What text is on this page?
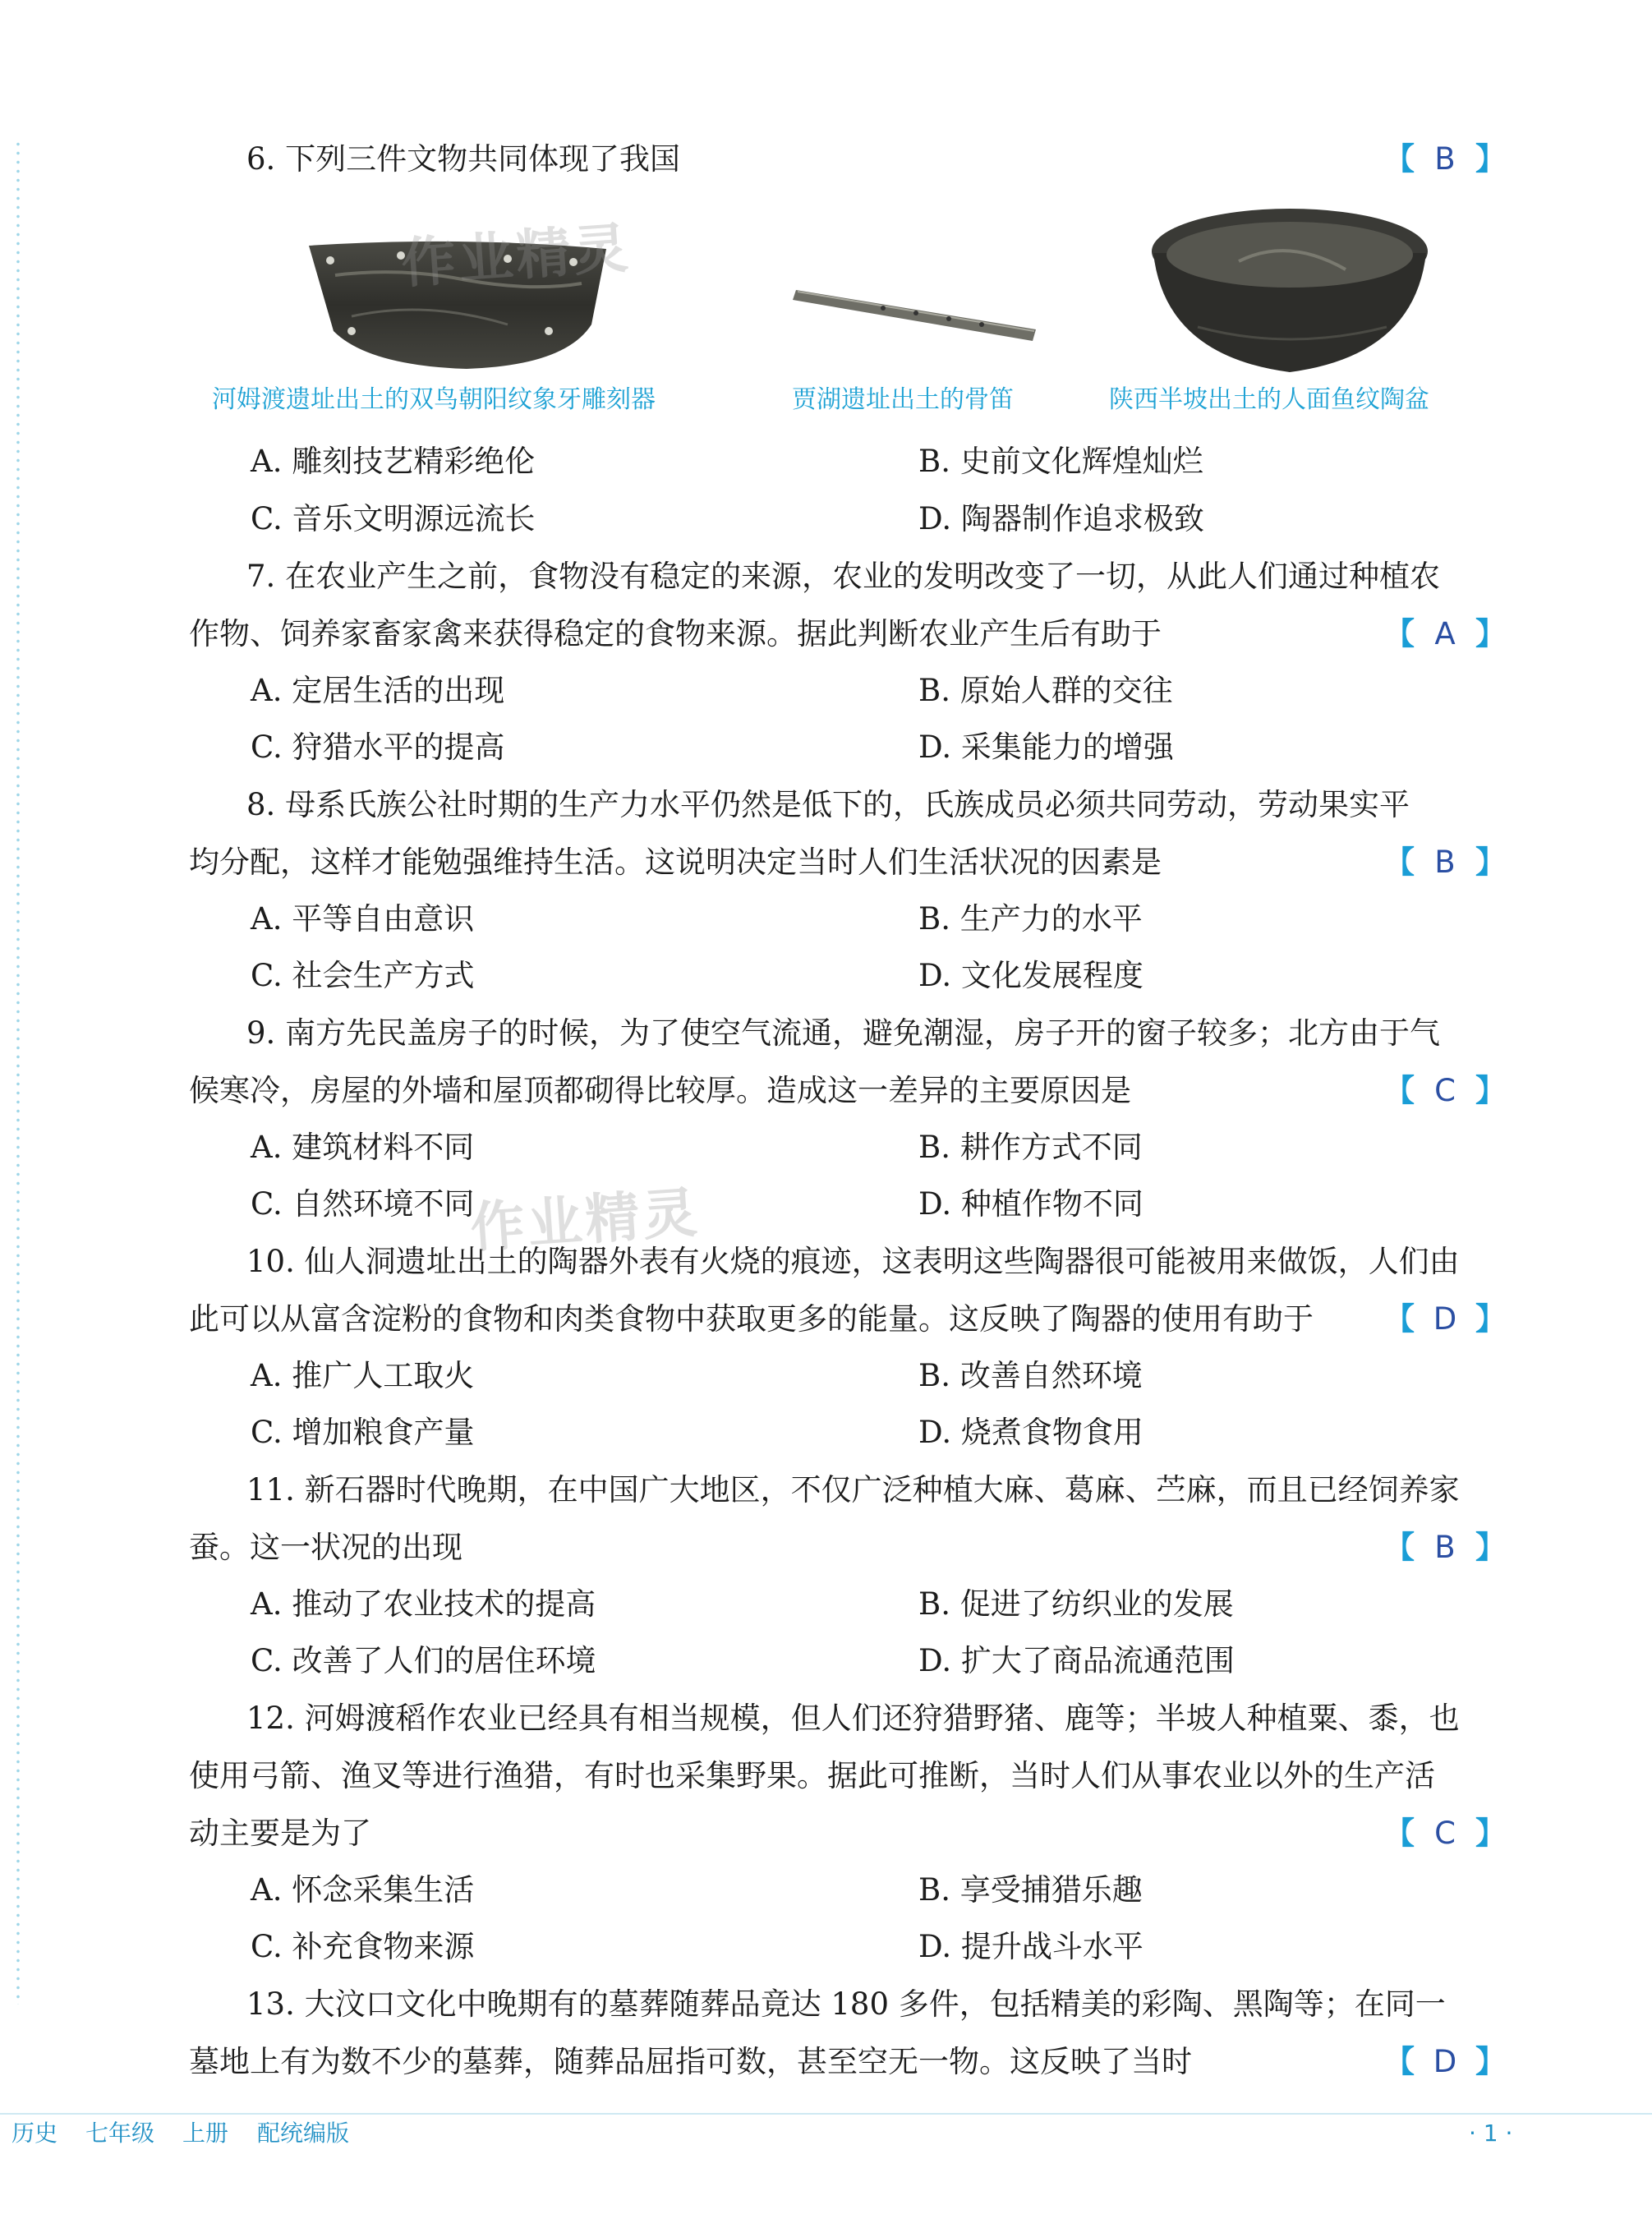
6. 下列三件文物共同体现了我国	【 B 】
河姆渡遗址出土的双鸟朝阳纹象牙雕刻器	贾湖遗址出土的骨笛	陕西半坡出土的人面鱼纹陶盆
A. 雕刻技艺精彩绝伦	B. 史前文化辉煌灿烂
C. 音乐文明源远流长	D. 陶器制作追求极致
7. 在农业产生之前，食物没有稳定的来源，农业的发明改变了一切，从此人们通过种植农
作物、饲养家畜家禽来获得稳定的食物来源。据此判断农业产生后有助于	【 A 】
A. 定居生活的出现	B. 原始人群的交往
C. 狩猎水平的提高	D. 采集能力的增强
8. 母系氏族公社时期的生产力水平仍然是低下的，氏族成员必须共同劳动，劳动果实平
均分配，这样才能勉强维持生活。这说明决定当时人们生活状况的因素是	【 B 】
A. 平等自由意识	B. 生产力的水平
C. 社会生产方式	D. 文化发展程度
9. 南方先民盖房子的时候，为了使空气流通，避免潮湿，房子开的窗子较多；北方由于气
候寒冷，房屋的外墙和屋顶都砌得比较厚。造成这一差异的主要原因是	【 C 】
A. 建筑材料不同	B. 耕作方式不同
C. 自然环境不同	D. 种植作物不同
10. 仙人洞遗址出土的陶器外表有火烧的痕迹，这表明这些陶器很可能被用来做饭，人们由
此可以从富含淀粉的食物和肉类食物中获取更多的能量。这反映了陶器的使用有助于	【 D 】
A. 推广人工取火	B. 改善自然环境
C. 增加粮食产量	D. 烧煮食物食用
11. 新石器时代晚期，在中国广大地区，不仅广泛种植大麻、葛麻、苎麻，而且已经饲养家
蚕。这一状况的出现	【 B 】
A. 推动了农业技术的提高	B. 促进了纺织业的发展
C. 改善了人们的居住环境	D. 扩大了商品流通范围
12. 河姆渡稻作农业已经具有相当规模，但人们还狩猎野猪、鹿等；半坡人种植粟、黍，也
使用弓箭、渔叉等进行渔猎，有时也采集野果。据此可推断，当时人们从事农业以外的生产活
动主要是为了	【 C 】
A. 怀念采集生活	B. 享受捕猎乐趣
C. 补充食物来源	D. 提升战斗水平
13. 大汶口文化中晚期有的墓葬随葬品竟达 180 多件，包括精美的彩陶、黑陶等；在同一
墓地上有为数不少的墓葬，随葬品屈指可数，甚至空无一物。这反映了当时	【 D 】
作业精灵
作业精灵
历史 七年级 上册 配统编版	· 1 ·
